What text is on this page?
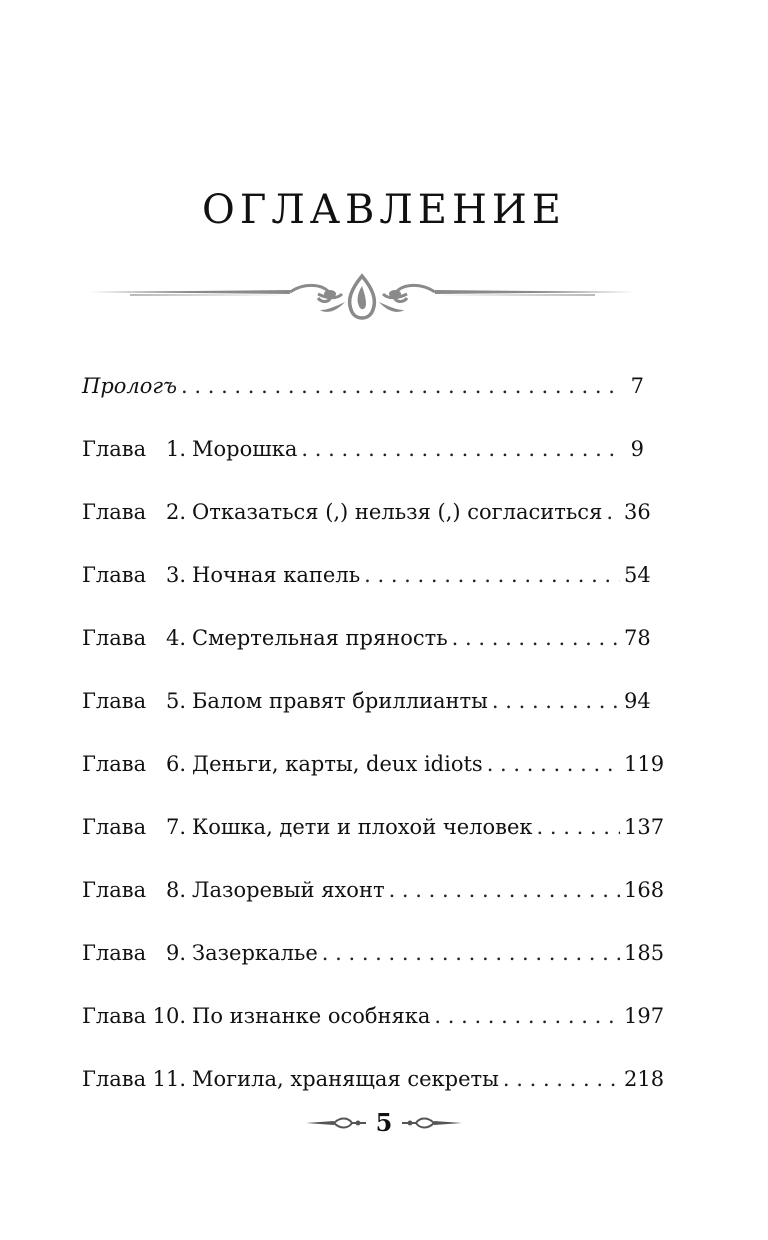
ОГЛАВЛЕНИЕ
Прологъ . . .	7
Глава 1. Морошка . . .	9
Глава 2. Отказаться (,) нельзя (,) согласиться . . . 36
Глава 3. Ночная капель . . .	54
Глава 4. Смертельная пряность . . .	78
Глава 5. Балом правят бриллианты . . .	94
Глава 6. Деньги, карты, deux idiots . . .	119
Глава 7. Кошка, дети и плохой человек . . .	137
Глава 8. Лазоревый яхонт . . .	168
Глава 9. Зазеркалье . . .	185
Глава 10. По изнанке особняка . . .	197
Глава 11. Могила, хранящая секреты . . .	218
5
